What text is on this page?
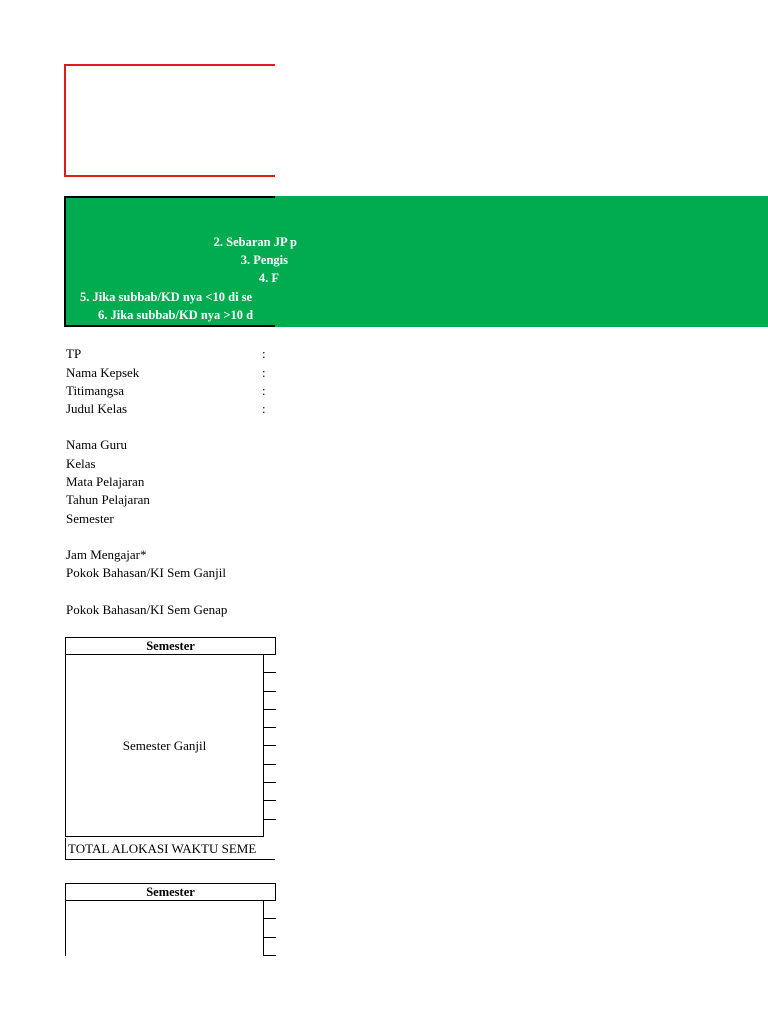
2. Sebaran JP p
3. Pengis
4. F
5. Jika subbab/KD nya <10 di se
6. Jika subbab/KD nya >10 d
TP	:
Nama Kepsek	:
Titimangsa	:
Judul Kelas	:
Nama Guru
Kelas
Mata Pelajaran
Tahun Pelajaran
Semester
Jam Mengajar*
Pokok Bahasan/KI Sem Ganjil
Pokok Bahasan/KI Sem Genap
Semester
Semester Ganjil
TOTAL ALOKASI WAKTU SEME
Semester
